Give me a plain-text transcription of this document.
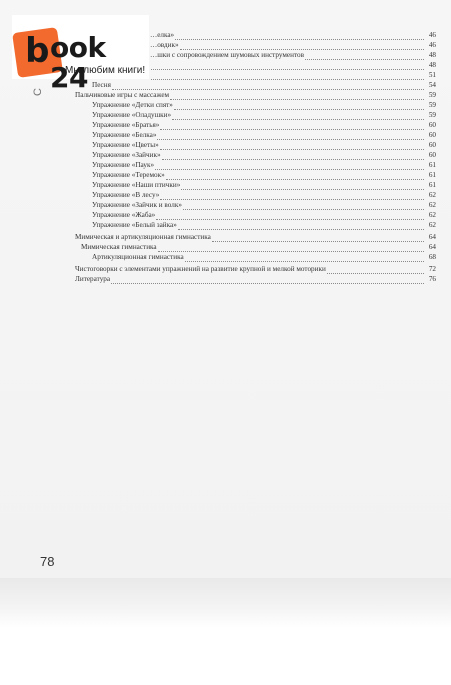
С
…елка»	46
…овдик»	46
…шки с сопровождением шумовых инструментов	48
48
51
Песня	54
Пальчиковые игры с массажем	59
Упражнение «Детки спят»	59
Упражнение «Оладушки»	59
Упражнение «Братья»	60
Упражнение «Белка»	60
Упражнение «Цветы»	60
Упражнение «Зайчик»	60
Упражнение «Паук»	61
Упражнение «Теремок»	61
Упражнение «Наши птички»	61
Упражнение «В лесу»	62
Упражнение «Зайчик и волк»	62
Упражнение «Жаба»	62
Упражнение «Белый зайка»	62
Мимическая и артикуляционная гимнастика	64
Мимическая гимнастика	64
Артикуляционная гимнастика	68
Чистоговорки с элементами упражнений на развитие крупной и мелкой моторики	72
Литература	76
78
b ook 24
Мы любим книги!
